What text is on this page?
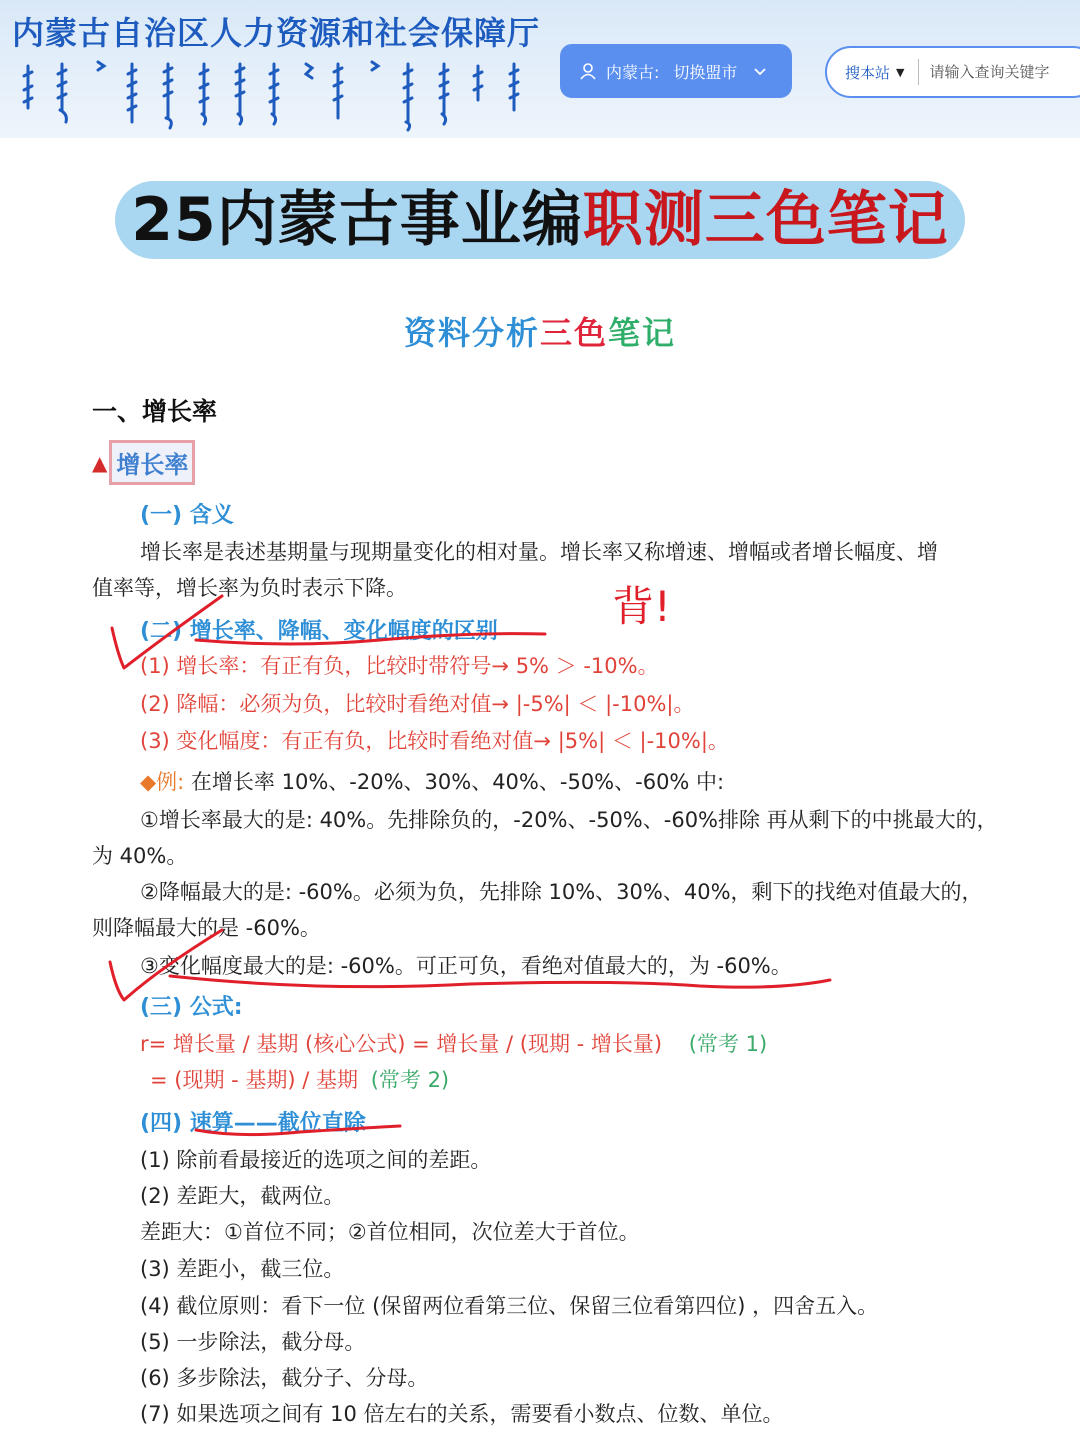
内蒙古自治区人力资源和社会保障厅
内蒙古: 切换盟市	搜本站 ▼
请输入查询关键字
25内蒙古事业编职测三色笔记
资料分析三色笔记
一、增长率
▲ 增长率
(一) 含义
增长率是表述基期量与现期量变化的相对量。增长率又称增速、增幅或者增长幅度、增
值率等，增长率为负时表示下降。	背!
(二) 增长率、降幅、变化幅度的区别
(1) 增长率：有正有负，比较时带符号→ 5% ＞ -10%。
(2) 降幅：必须为负，比较时看绝对值→ |-5%| ＜ |-10%|。
(3) 变化幅度：有正有负，比较时看绝对值→ |5%| ＜ |-10%|。
◆例: 在增长率 10%、-20%、30%、40%、-50%、-60% 中:
①增长率最大的是: 40%。先排除负的，-20%、-50%、-60%排除 再从剩下的中挑最大的，
为 40%。
②降幅最大的是: -60%。必须为负，先排除 10%、30%、40%，剩下的找绝对值最大的，
则降幅最大的是 -60%。
③变化幅度最大的是: -60%。可正可负，看绝对值最大的，为 -60%。
(三) 公式:
r= 增长量 / 基期 (核心公式) = 增长量 / (现期 - 增长量) (常考 1)
= (现期 - 基期) / 基期 (常考 2)
(四) 速算——截位直除
(1) 除前看最接近的选项之间的差距。
(2) 差距大，截两位。
差距大：①首位不同；②首位相同，次位差大于首位。
(3) 差距小，截三位。
(4) 截位原则：看下一位 (保留两位看第三位、保留三位看第四位) ，四舍五入。
(5) 一步除法，截分母。
(6) 多步除法，截分子、分母。
(7) 如果选项之间有 10 倍左右的关系，需要看小数点、位数、单位。
